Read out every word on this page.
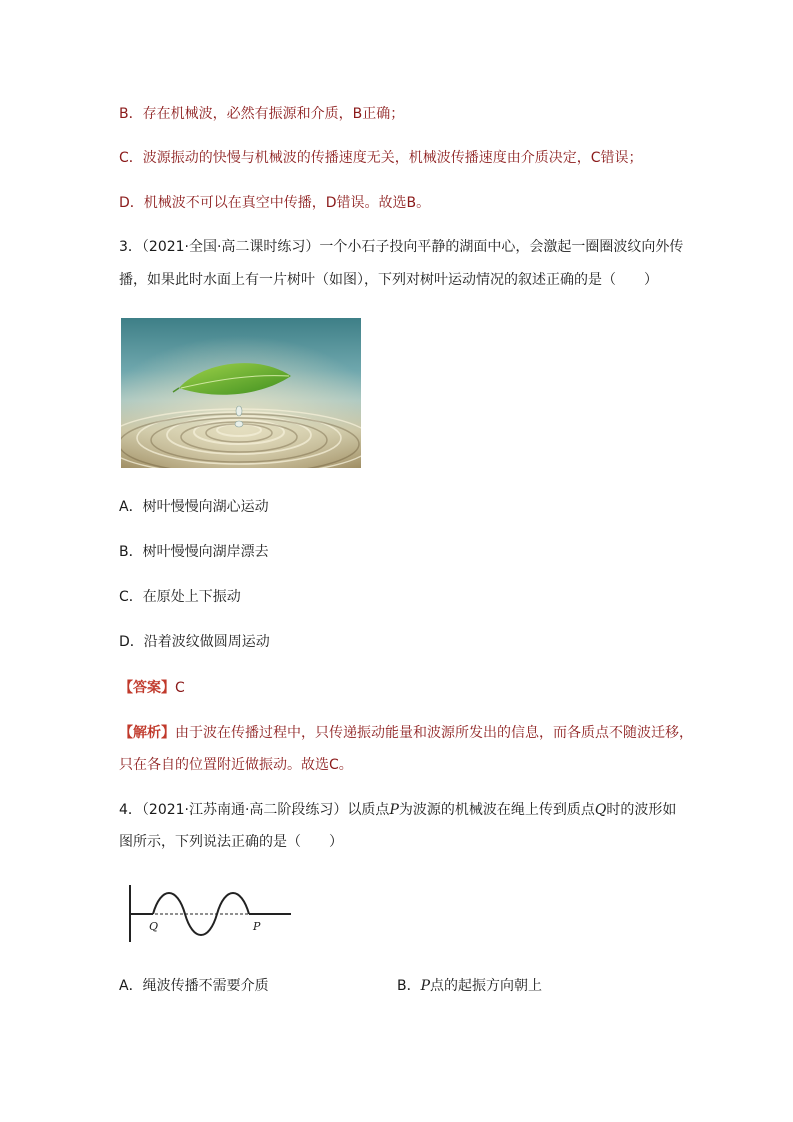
B．存在机械波，必然有振源和介质，B正确；
C．波源振动的快慢与机械波的传播速度无关，机械波传播速度由介质决定，C错误；
D．机械波不可以在真空中传播，D错误。故选B。
3．（2021·全国·高二课时练习）一个小石子投向平静的湖面中心，会激起一圈圈波纹向外传
播，如果此时水面上有一片树叶（如图），下列对树叶运动情况的叙述正确的是（　　）
A．树叶慢慢向湖心运动
B．树叶慢慢向湖岸漂去
C．在原处上下振动
D．沿着波纹做圆周运动
【答案】C
【解析】由于波在传播过程中，只传递振动能量和波源所发出的信息，而各质点不随波迁移，
只在各自的位置附近做振动。故选C。
4．（2021·江苏南通·高二阶段练习）以质点P为波源的机械波在绳上传到质点Q时的波形如
图所示，下列说法正确的是（　　）
Q	P
A．绳波传播不需要介质	B．P点的起振方向朝上
